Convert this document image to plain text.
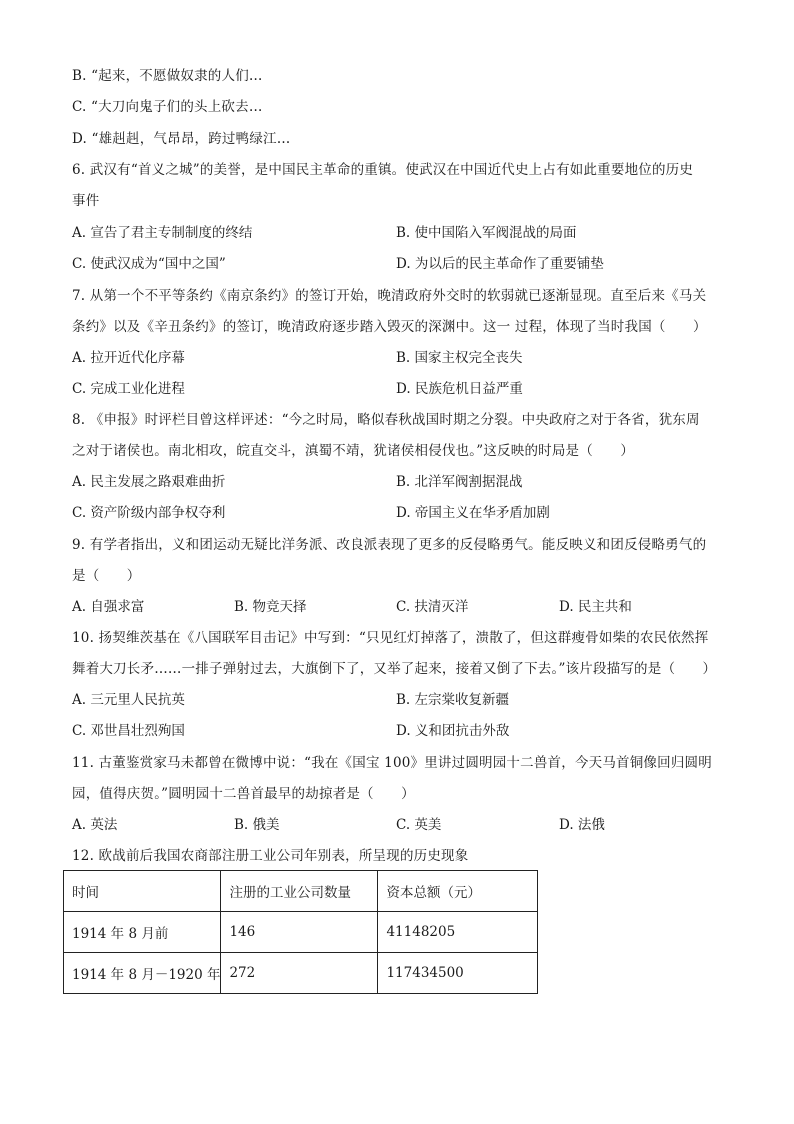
B. “起来，不愿做奴隶的人们…
C. “大刀向鬼子们的头上砍去…
D. “雄赳赳，气昂昂，跨过鸭绿江…
6. 武汉有“首义之城”的美誉，是中国民主革命的重镇。使武汉在中国近代史上占有如此重要地位的历史
事件
A. 宣告了君主专制制度的终结	B. 使中国陷入军阀混战的局面
C. 使武汉成为“国中之国”	D. 为以后的民主革命作了重要铺垫
7. 从第一个不平等条约《南京条约》的签订开始，晚清政府外交时的软弱就已逐渐显现。直至后来《马关
条约》以及《辛丑条约》的签订，晚清政府逐步踏入毁灭的深渊中。这一 过程，体现了当时我国（　　）
A. 拉开近代化序幕	B. 国家主权完全丧失
C. 完成工业化进程	D. 民族危机日益严重
8. 《申报》时评栏目曾这样评述：“今之时局，略似春秋战国时期之分裂。中央政府之对于各省，犹东周
之对于诸侯也。南北相攻，皖直交斗，滇蜀不靖，犹诸侯相侵伐也。”这反映的时局是（　　）
A. 民主发展之路艰难曲折	B. 北洋军阀割据混战
C. 资产阶级内部争权夺利	D. 帝国主义在华矛盾加剧
9. 有学者指出，义和团运动无疑比洋务派、改良派表现了更多的反侵略勇气。能反映义和团反侵略勇气的
是（　　）
A. 自强求富	B. 物竞天择	C. 扶清灭洋	D. 民主共和
10. 扬契维茨基在《八国联军目击记》中写到：“只见红灯掉落了，溃散了，但这群瘦骨如柴的农民依然挥
舞着大刀长矛……一排子弹射过去，大旗倒下了，又举了起来，接着又倒了下去。”该片段描写的是（　　）
A. 三元里人民抗英	B. 左宗棠收复新疆
C. 邓世昌壮烈殉国	D. 义和团抗击外敌
11. 古董鉴赏家马未都曾在微博中说：“我在《国宝 100》里讲过圆明园十二兽首，今天马首铜像回归圆明
园，值得庆贺。”圆明园十二兽首最早的劫掠者是（　　）
A. 英法	B. 俄美	C. 英美	D. 法俄
12. 欧战前后我国农商部注册工业公司年别表，所呈现的历史现象
时间	注册的工业公司数量	资本总额（元）
1914 年 8 月前	146	41148205
1914 年 8 月－1920 年	272	117434500
